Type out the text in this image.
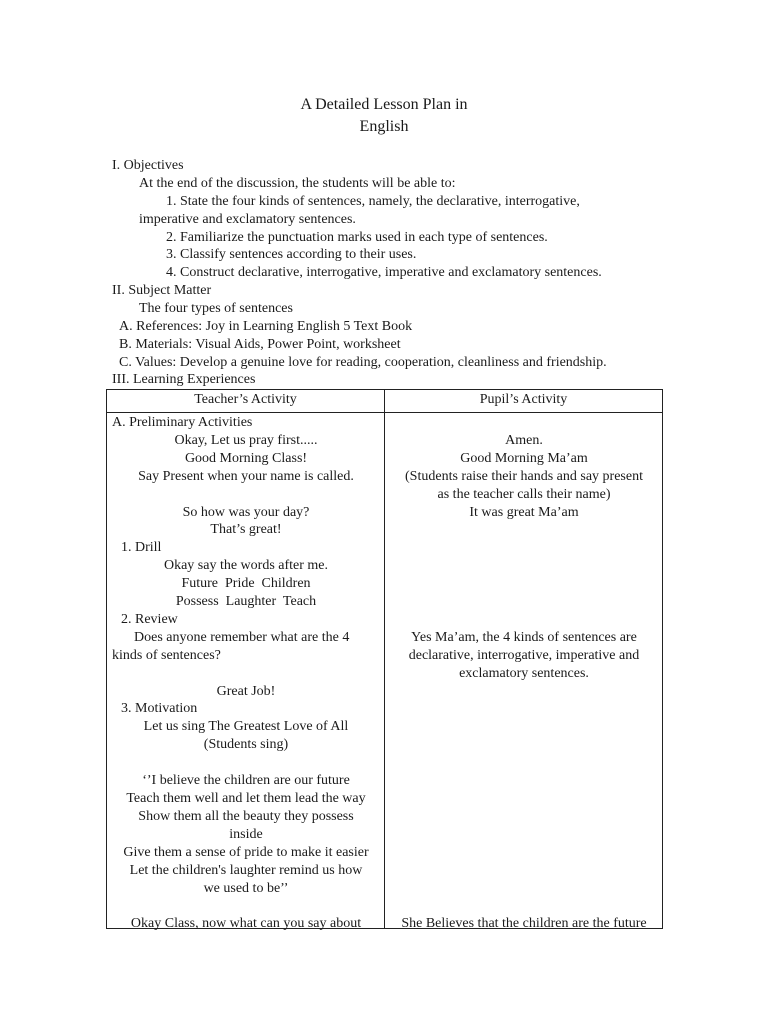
A Detailed Lesson Plan in
English
I. Objectives
At the end of the discussion, the students will be able to:
1. State the four kinds of sentences, namely, the declarative, interrogative,
imperative and exclamatory sentences.
2. Familiarize the punctuation marks used in each type of sentences.
3. Classify sentences according to their uses.
4. Construct declarative, interrogative, imperative and exclamatory sentences.
II. Subject Matter
The four types of sentences
A. References: Joy in Learning English 5 Text Book
B. Materials: Visual Aids, Power Point, worksheet
C. Values: Develop a genuine love for reading, cooperation, cleanliness and friendship.
III. Learning Experiences
Teacher’s Activity	Pupil’s Activity
A. Preliminary Activities
Okay, Let us pray first.....
Good Morning Class!
Say Present when your name is called.
So how was your day?
That’s great!
1. Drill
Okay say the words after me.
Future  Pride  Children
Possess  Laughter  Teach
2. Review
Does anyone remember what are the 4
kinds of sentences?
Great Job!
3. Motivation
Let us sing The Greatest Love of All
(Students sing)
‘’I believe the children are our future
Teach them well and let them lead the way
Show them all the beauty they possess
inside
Give them a sense of pride to make it easier
Let the children's laughter remind us how
we used to be’’
Okay Class, now what can you say about
Amen.
Good Morning Ma’am
(Students raise their hands and say present
as the teacher calls their name)
It was great Ma’am
Yes Ma’am, the 4 kinds of sentences are
declarative, interrogative, imperative and
exclamatory sentences.
She Believes that the children are the future
